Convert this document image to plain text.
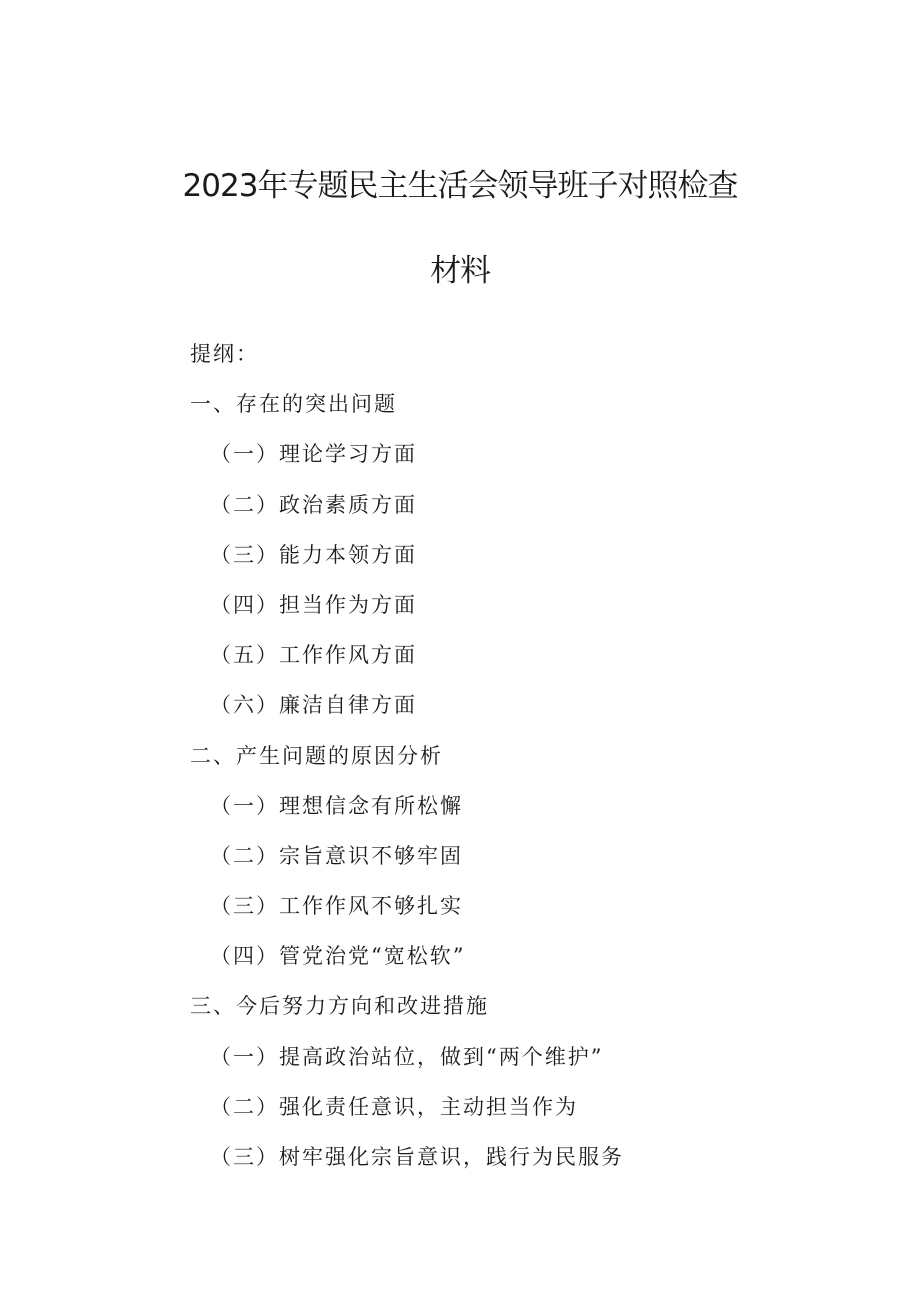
2023年专题民主生活会领导班子对照检查
材料
提纲：
一、存在的突出问题
（一）理论学习方面
（二）政治素质方面
（三）能力本领方面
（四）担当作为方面
（五）工作作风方面
（六）廉洁自律方面
二、产生问题的原因分析
（一）理想信念有所松懈
（二）宗旨意识不够牢固
（三）工作作风不够扎实
（四）管党治党“宽松软”
三、今后努力方向和改进措施
（一）提高政治站位，做到“两个维护”
（二）强化责任意识，主动担当作为
（三）树牢强化宗旨意识，践行为民服务
